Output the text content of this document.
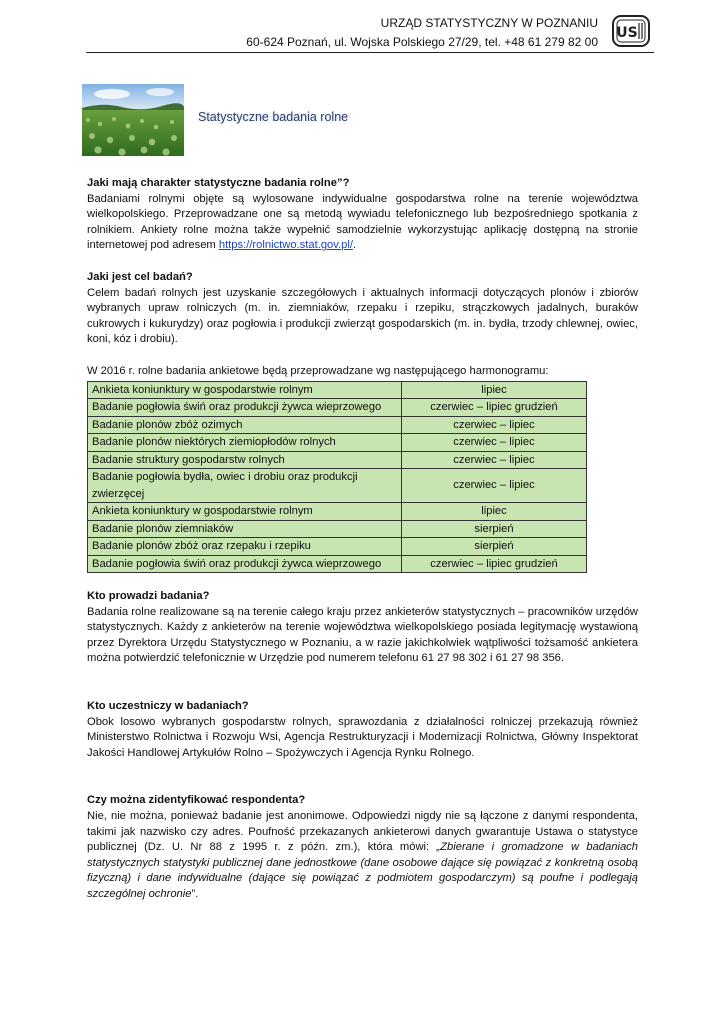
URZĄD STATYSTYCZNY W POZNANIU
60-624 Poznań, ul. Wojska Polskiego 27/29, tel. +48 61 279 82 00
US
Statystyczne badania rolne
Jaki mają charakter statystyczne badania rolne”?

Badaniami rolnymi objęte są wylosowane indywidualne gospodarstwa rolne na terenie województwa wielkopolskiego. Przeprowadzane one są metodą wywiadu telefonicznego lub bezpośredniego spotkania z rolnikiem. Ankiety rolne można także wypełnić samodzielnie wykorzystując aplikację dostępną na stronie internetowej pod adresem https://rolnictwo.stat.gov.pl/.

Jaki jest cel badań?

Celem badań rolnych jest uzyskanie szczegółowych i aktualnych informacji dotyczących plonów i zbiorów wybranych upraw rolniczych (m. in. ziemniaków, rzepaku i rzepiku, strączkowych jadalnych, buraków cukrowych i kukurydzy) oraz pogłowia i produkcji zwierząt gospodarskich (m. in. bydła, trzody chlewnej, owiec, koni, kóz i drobiu).

W 2016 r. rolne badania ankietowe będą przeprowadzane wg następującego harmonogramu:

Ankieta koniunktury w gospodarstwie rolnym	lipiec
Badanie pogłowia świń oraz produkcji żywca wieprzowego	czerwiec – lipiec grudzień
Badanie plonów zbóż ozimych	czerwiec – lipiec
Badanie plonów niektórych ziemiopłodów rolnych	czerwiec – lipiec
Badanie struktury gospodarstw rolnych	czerwiec – lipiec
Badanie pogłowia bydła, owiec i drobiu oraz produkcji zwierzęcej	czerwiec – lipiec
Ankieta koniunktury w gospodarstwie rolnym	lipiec
Badanie plonów ziemniaków	sierpień
Badanie plonów zbóż oraz rzepaku i rzepiku	sierpień
Badanie pogłowia świń oraz produkcji żywca wieprzowego	czerwiec – lipiec grudzień
Kto prowadzi badania?

Badania rolne realizowane są na terenie całego kraju przez ankieterów statystycznych – pracowników urzędów statystycznych. Każdy z ankieterów na terenie województwa wielkopolskiego posiada legitymację wystawioną przez Dyrektora Urzędu Statystycznego w Poznaniu, a w razie jakichkolwiek wątpliwości tożsamość ankietera można potwierdzić telefonicznie w Urzędzie pod numerem telefonu 61 27 98 302 i 61 27 98 356.

Kto uczestniczy w badaniach?

Obok losowo wybranych gospodarstw rolnych, sprawozdania z działalności rolniczej przekazują również Ministerstwo Rolnictwa i Rozwoju Wsi, Agencja Restrukturyzacji i Modernizacji Rolnictwa, Główny Inspektorat Jakości Handlowej Artykułów Rolno – Spożywczych i Agencja Rynku Rolnego.

Czy można zidentyfikować respondenta?

Nie, nie można, ponieważ badanie jest anonimowe. Odpowiedzi nigdy nie są łączone z danymi respondenta, takimi jak nazwisko czy adres. Poufność przekazanych ankieterowi danych gwarantuje Ustawa o statystyce publicznej (Dz. U. Nr 88 z 1995 r. z późn. zm.), która mówi: „Zbierane i gromadzone w badaniach statystycznych statystyki publicznej dane jednostkowe (dane osobowe dające się powiązać z konkretną osobą fizyczną) i dane indywidualne (dające się powiązać z podmiotem gospodarczym) są poufne i podlegają szczególnej ochronie”.
